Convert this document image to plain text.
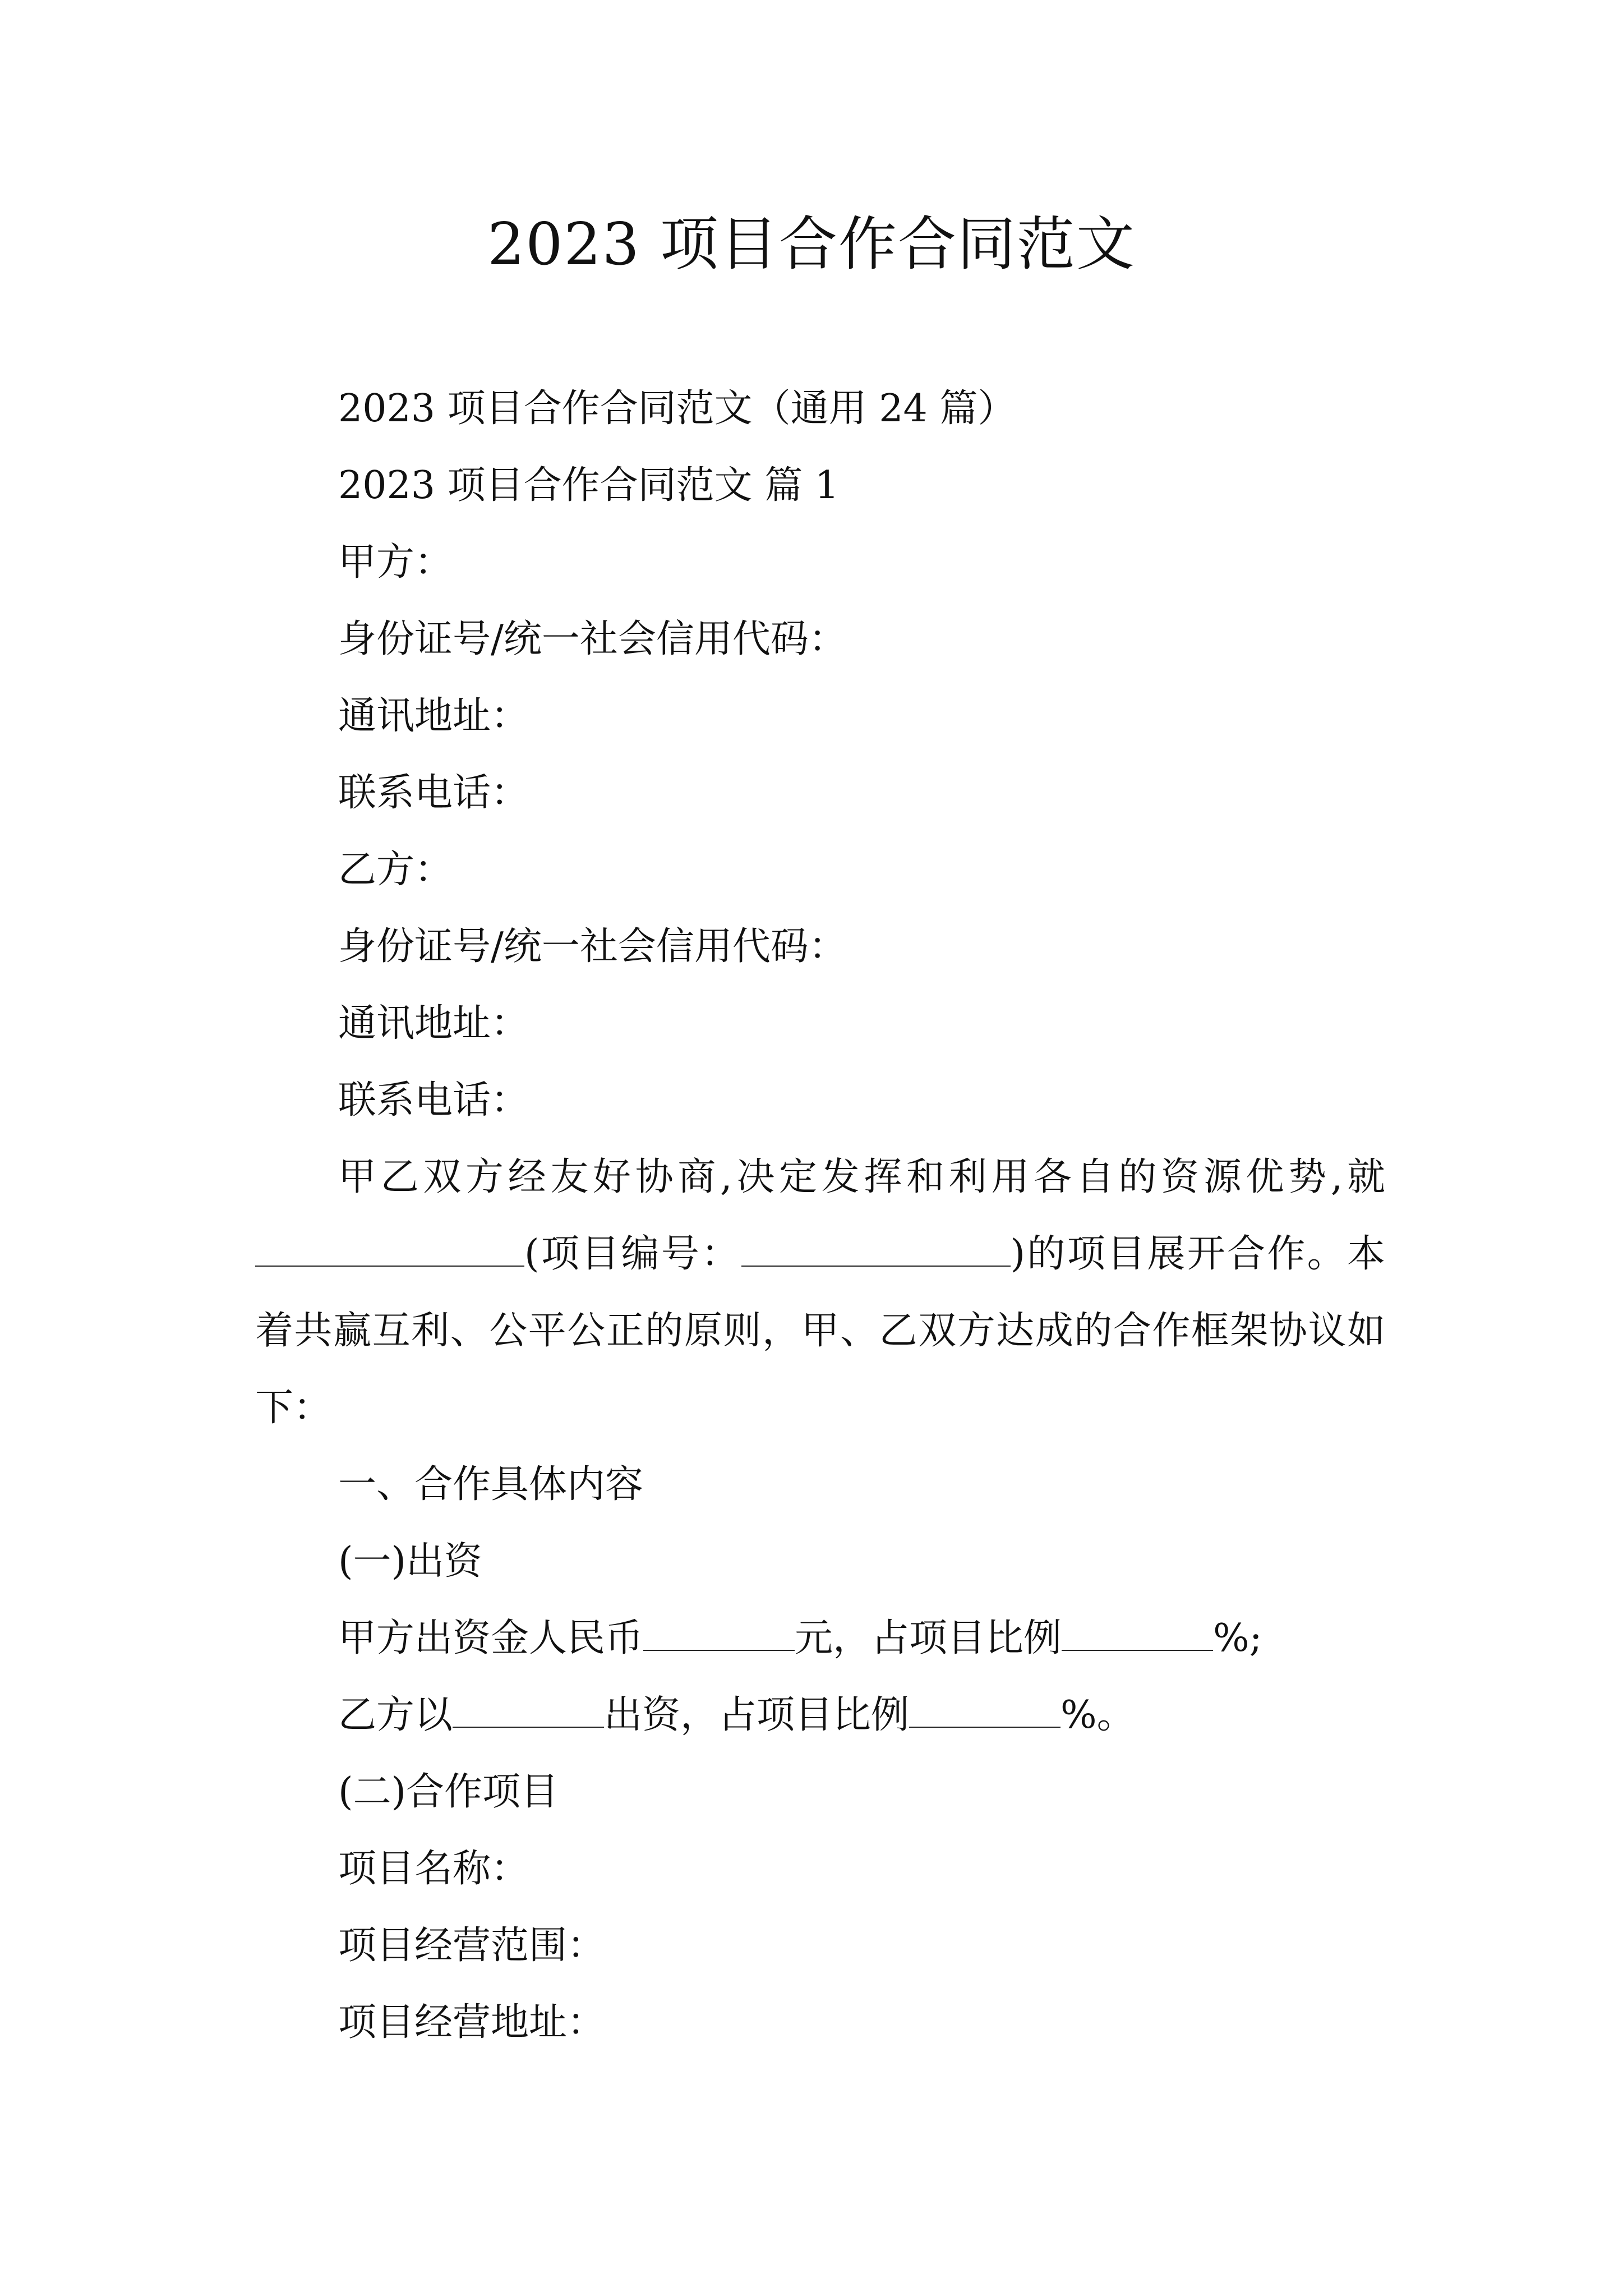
2023 项目合作合同范文

2023 项目合作合同范文（通用 24 篇）

2023 项目合作合同范文 篇 1

甲方：

身份证号/统一社会信用代码：

通讯地址：

联系电话：

乙方：

身份证号/统一社会信用代码：

通讯地址：

联系电话：

甲乙双方经友好协商,决定发挥和利用各自的资源优势,就(项目编号：	)的项目展开合作。本着共赢互利、公平公正的原则，甲、乙双方达成的合作框架协议如下：

一、合作具体内容

(一)出资

甲方出资金人民币	元，占项目比例	%;

乙方以	出资，占项目比例	%。

(二)合作项目

项目名称：

项目经营范围：

项目经营地址：
